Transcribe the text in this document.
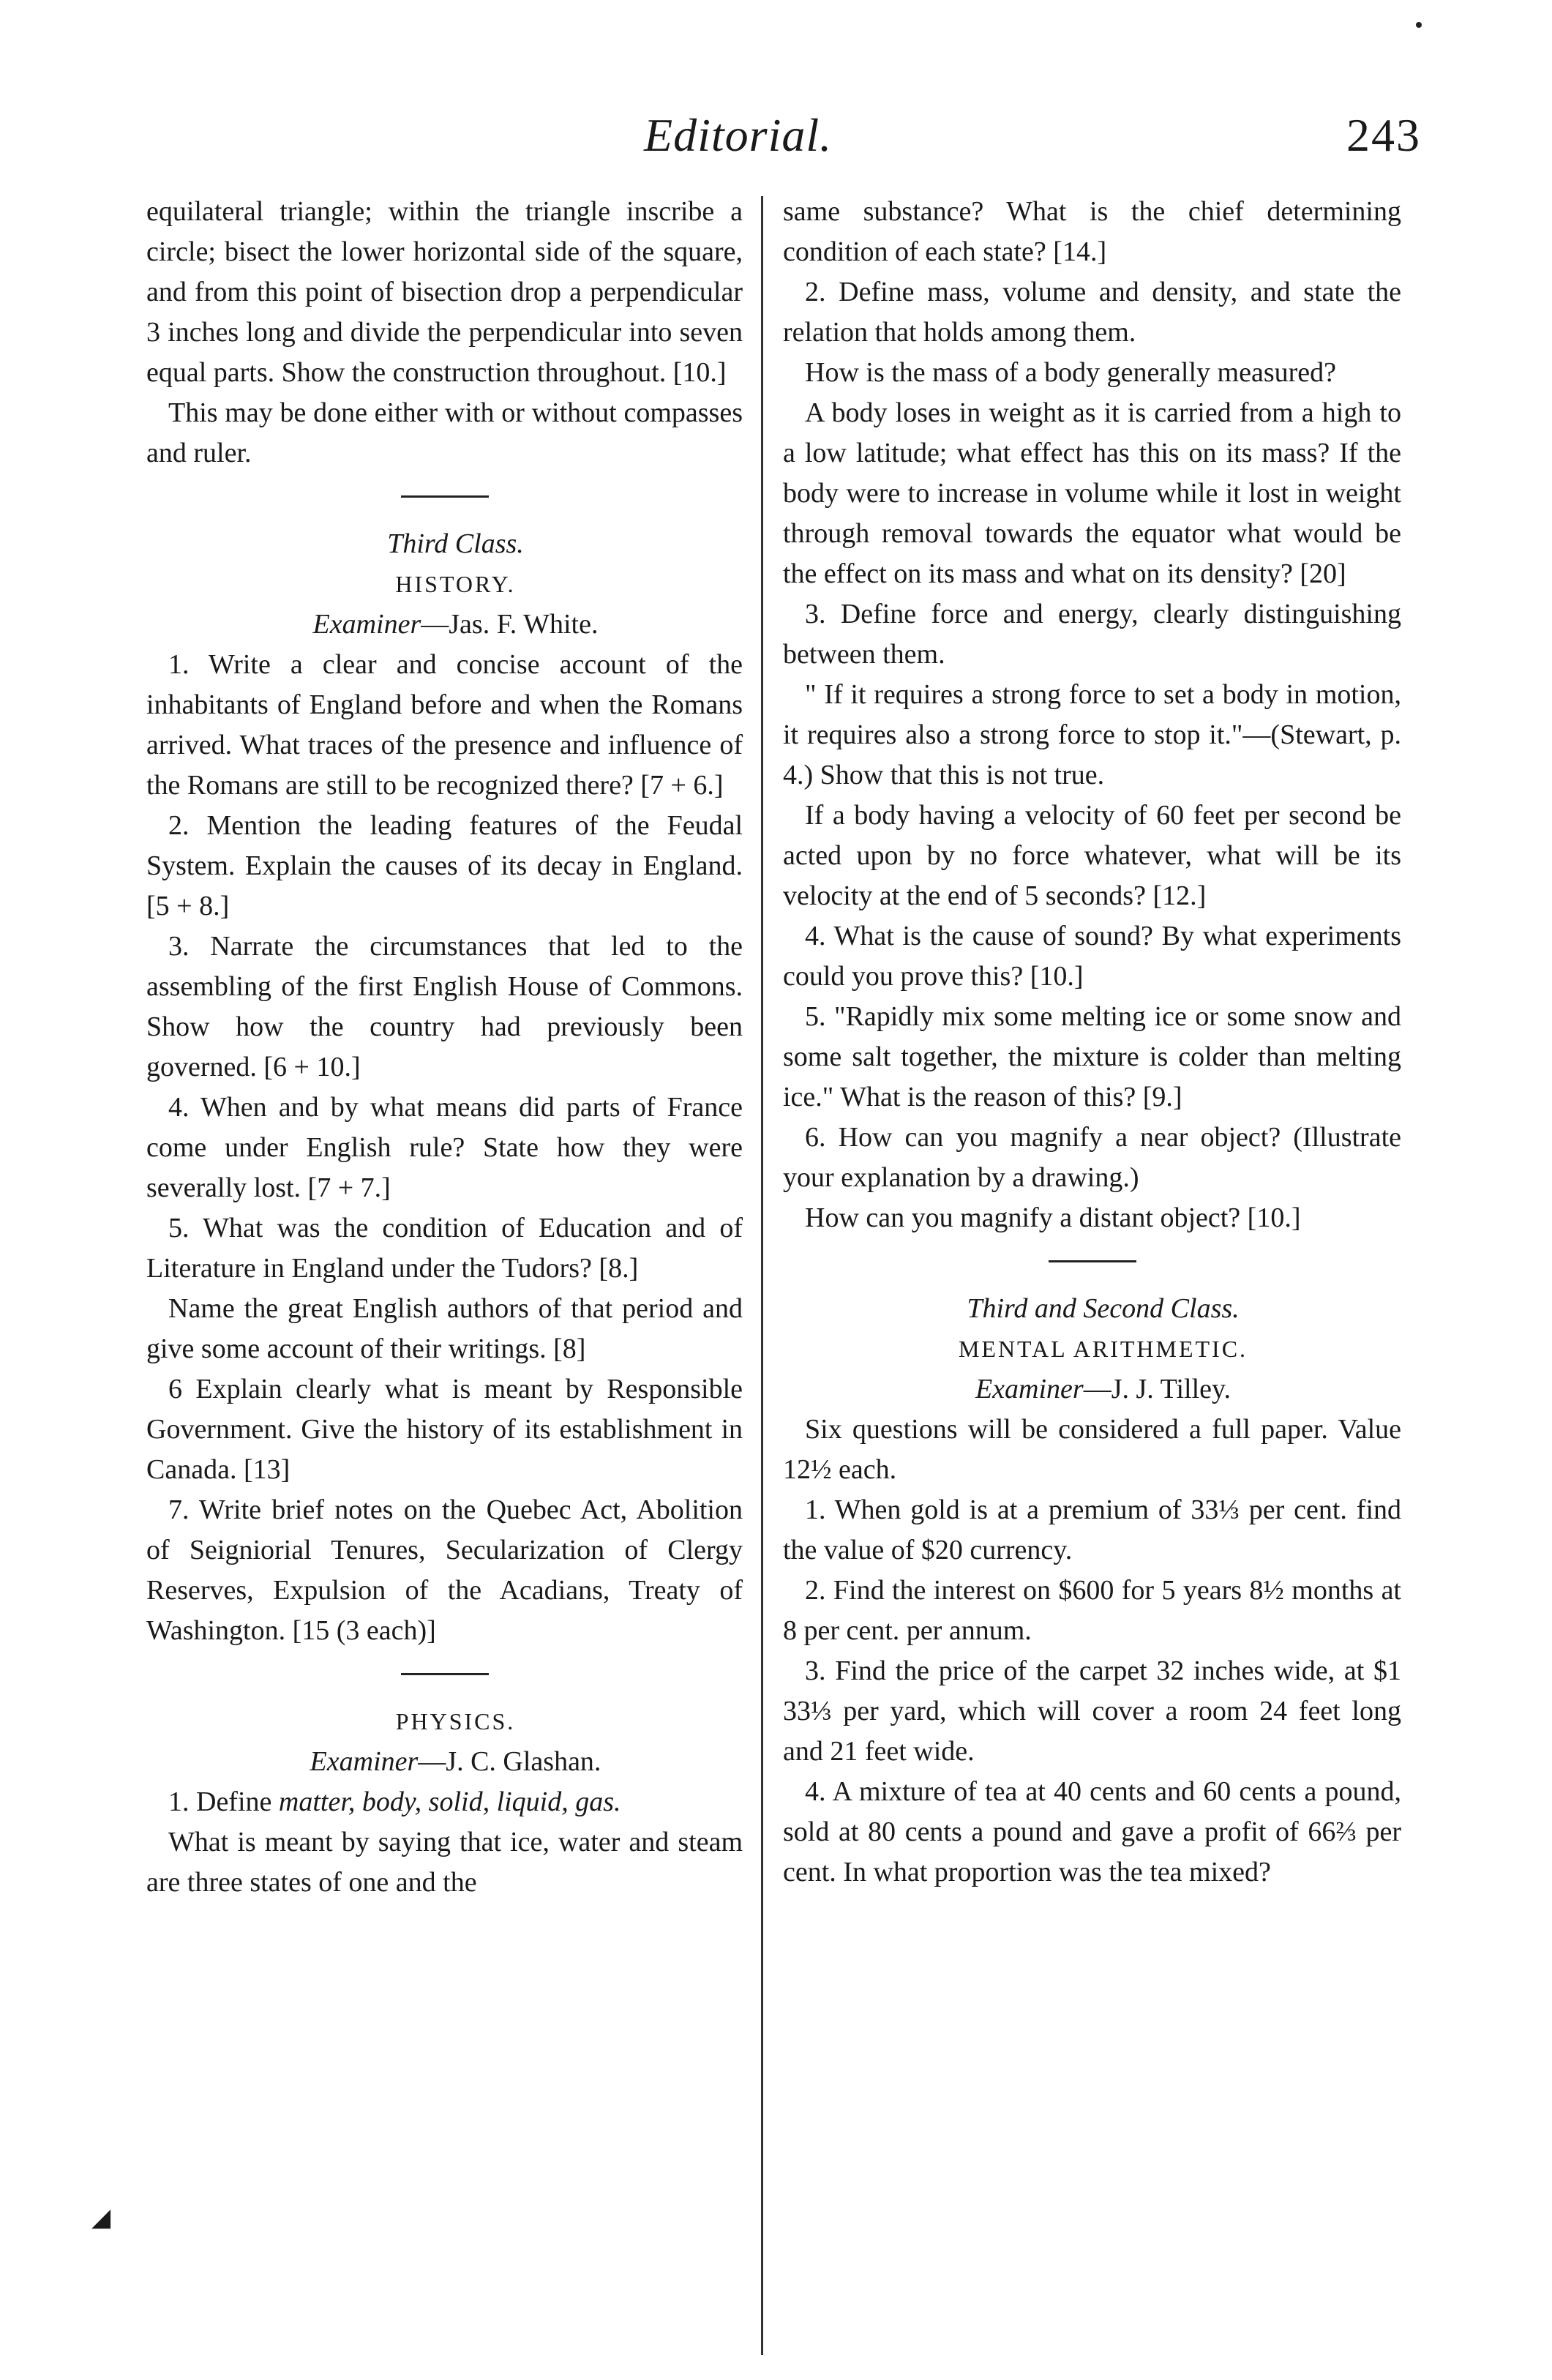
Editorial.	243

equilateral triangle; within the triangle inscribe a circle; bisect the lower horizontal side of the square, and from this point of bisection drop a perpendicular 3 inches long and divide the perpendicular into seven equal parts. Show the construction throughout. [10.]

This may be done either with or without compasses and ruler.

Third Class.

HISTORY.

Examiner—Jas. F. White.

1. Write a clear and concise account of the inhabitants of England before and when the Romans arrived. What traces of the presence and influence of the Romans are still to be recognized there? [7 + 6.]

2. Mention the leading features of the Feudal System. Explain the causes of its decay in England. [5 + 8.]

3. Narrate the circumstances that led to the assembling of the first English House of Commons. Show how the country had previously been governed. [6 + 10.]

4. When and by what means did parts of France come under English rule? State how they were severally lost. [7 + 7.]

5. What was the condition of Education and of Literature in England under the Tudors? [8.]

Name the great English authors of that period and give some account of their writings. [8]

6 Explain clearly what is meant by Responsible Government. Give the history of its establishment in Canada. [13]

7. Write brief notes on the Quebec Act, Abolition of Seigniorial Tenures, Secularization of Clergy Reserves, Expulsion of the Acadians, Treaty of Washington. [15 (3 each)]

PHYSICS.

Examiner—J. C. Glashan.

1. Define matter, body, solid, liquid, gas.

What is meant by saying that ice, water and steam are three states of one and the

same substance? What is the chief determining condition of each state? [14.]

2. Define mass, volume and density, and state the relation that holds among them.

How is the mass of a body generally measured?

A body loses in weight as it is carried from a high to a low latitude; what effect has this on its mass? If the body were to increase in volume while it lost in weight through removal towards the equator what would be the effect on its mass and what on its density? [20]

3. Define force and energy, clearly distinguishing between them.

" If it requires a strong force to set a body in motion, it requires also a strong force to stop it."—(Stewart, p. 4.) Show that this is not true.

If a body having a velocity of 60 feet per second be acted upon by no force whatever, what will be its velocity at the end of 5 seconds? [12.]

4. What is the cause of sound? By what experiments could you prove this? [10.]

5. "Rapidly mix some melting ice or some snow and some salt together, the mixture is colder than melting ice." What is the reason of this? [9.]

6. How can you magnify a near object? (Illustrate your explanation by a drawing.)

How can you magnify a distant object? [10.]

Third and Second Class.

MENTAL ARITHMETIC.

Examiner—J. J. Tilley.

Six questions will be considered a full paper. Value 12½ each.

1. When gold is at a premium of 33⅓ per cent. find the value of $20 currency.

2. Find the interest on $600 for 5 years 8½ months at 8 per cent. per annum.

3. Find the price of the carpet 32 inches wide, at $1 33⅓ per yard, which will cover a room 24 feet long and 21 feet wide.

4. A mixture of tea at 40 cents and 60 cents a pound, sold at 80 cents a pound and gave a profit of 66⅔ per cent. In what proportion was the tea mixed?

◢
